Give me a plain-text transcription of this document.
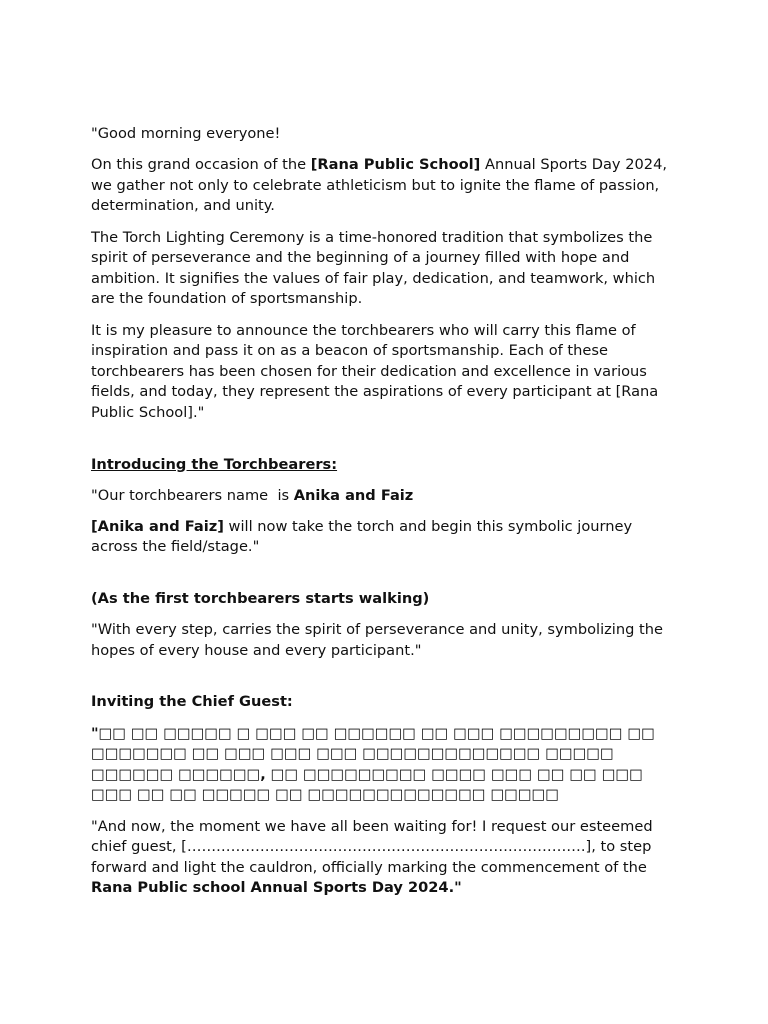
"Good morning everyone!

On this grand occasion of the [Rana Public School] Annual Sports Day 2024, we gather not only to celebrate athleticism but to ignite the flame of passion, determination, and unity.

The Torch Lighting Ceremony is a time-honored tradition that symbolizes the spirit of perseverance and the beginning of a journey filled with hope and ambition. It signifies the values of fair play, dedication, and teamwork, which are the foundation of sportsmanship.

It is my pleasure to announce the torchbearers who will carry this flame of inspiration and pass it on as a beacon of sportsmanship. Each of these torchbearers has been chosen for their dedication and excellence in various fields, and today, they represent the aspirations of every participant at [Rana Public School]."

Introducing the Torchbearers:

"Our torchbearers name  is Anika and Faiz

[Anika and Faiz] will now take the torch and begin this symbolic journey across the field/stage."

(As the first torchbearers starts walking)

"With every step, carries the spirit of perseverance and unity, symbolizing the hopes of every house and every participant."

Inviting the Chief Guest:

"□□ □□ □□□□□ □ □□□ □□ □□□□□□ □□ □□□ □□□□□□□□□ □□ □□□□□□□ □□ □□□ □□□ □□□ □□□□□□□□□□□□□ □□□□□ □□□□□□ □□□□□□, □□ □□□□□□□□□ □□□□ □□□ □□ □□ □□□ □□□ □□ □□ □□□□□ □□ □□□□□□□□□□□□□ □□□□□

"And now, the moment we have all been waiting for! I request our esteemed chief guest, [……………………………………………………………………….], to step forward and light the cauldron, officially marking the commencement of the Rana Public school Annual Sports Day 2024."
